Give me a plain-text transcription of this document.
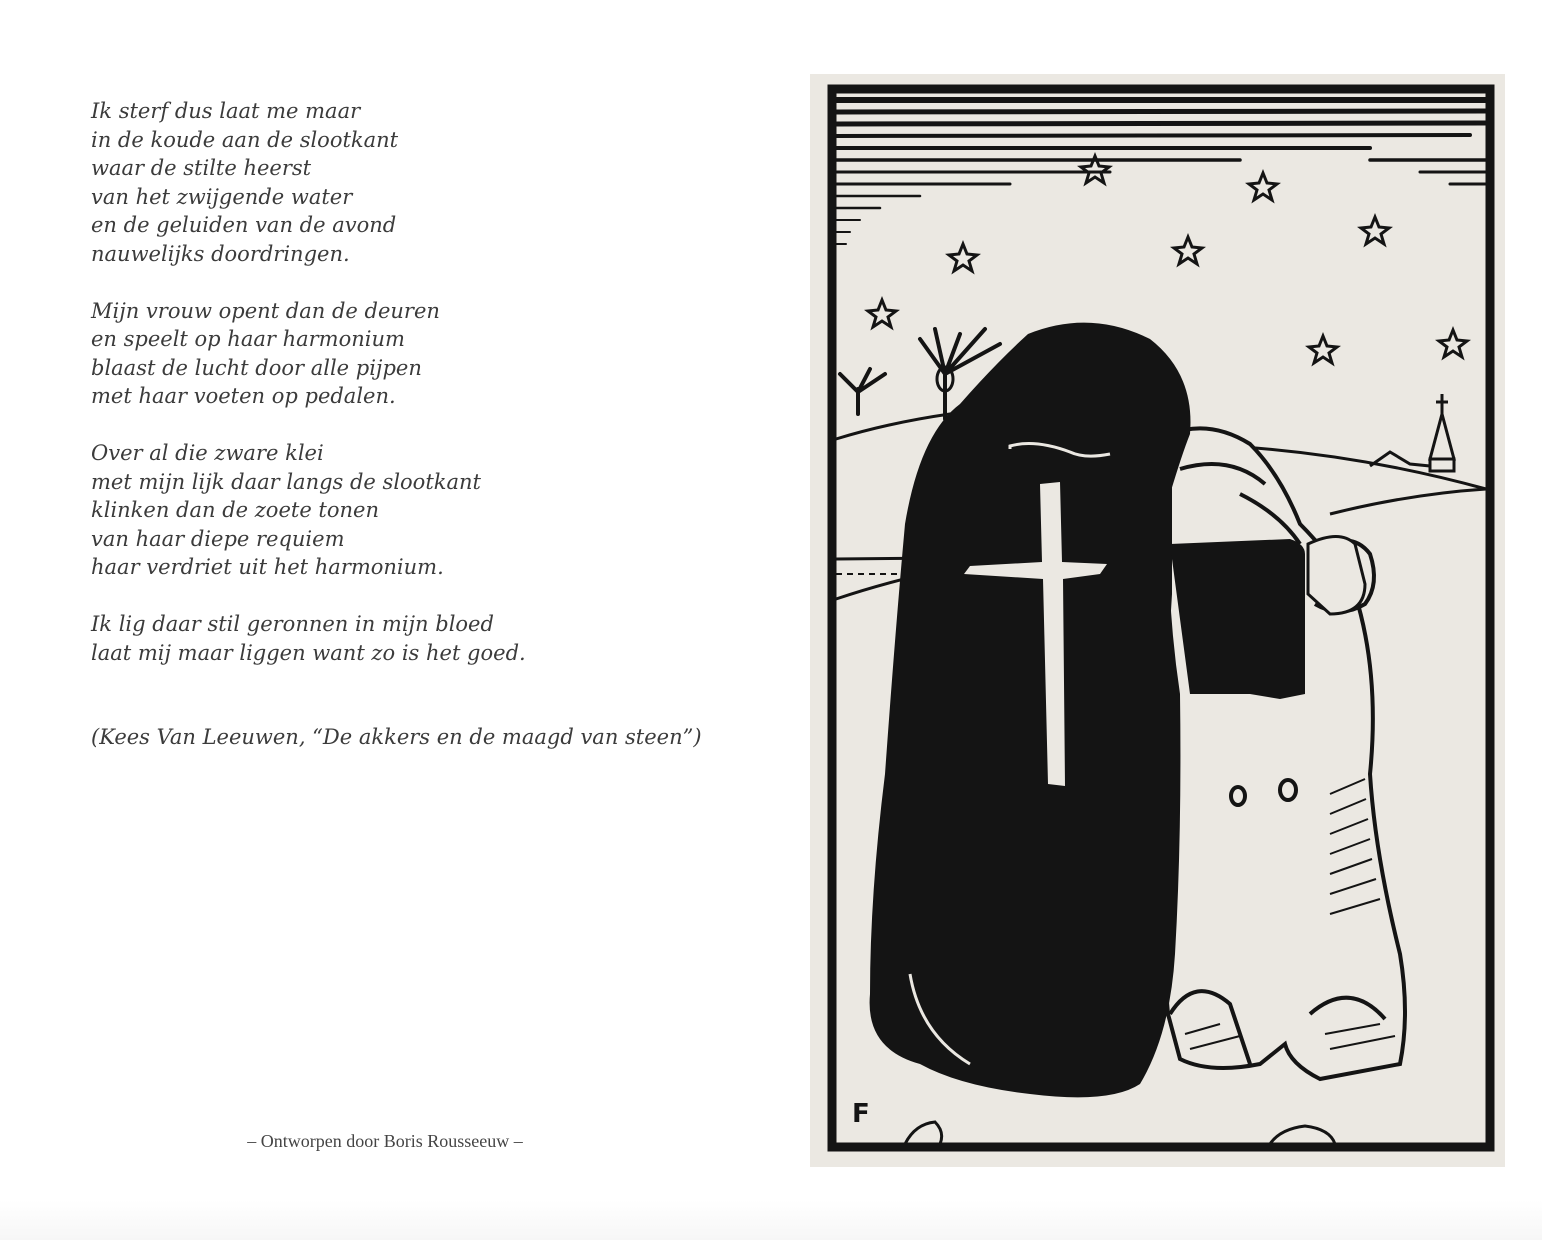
Ik sterf dus laat me maar
in de koude aan de slootkant
waar de stilte heerst
van het zwijgende water
en de geluiden van de avond
nauwelijks doordringen.
Mijn vrouw opent dan de deuren
en speelt op haar harmonium
blaast de lucht door alle pijpen
met haar voeten op pedalen.
Over al die zware klei
met mijn lijk daar langs de slootkant
klinken dan de zoete tonen
van haar diepe requiem
haar verdriet uit het harmonium.
Ik lig daar stil geronnen in mijn bloed
laat mij maar liggen want zo is het goed.
(Kees Van Leeuwen, “De akkers en de maagd van steen”)
– Ontworpen door Boris Rousseeuw –
F
